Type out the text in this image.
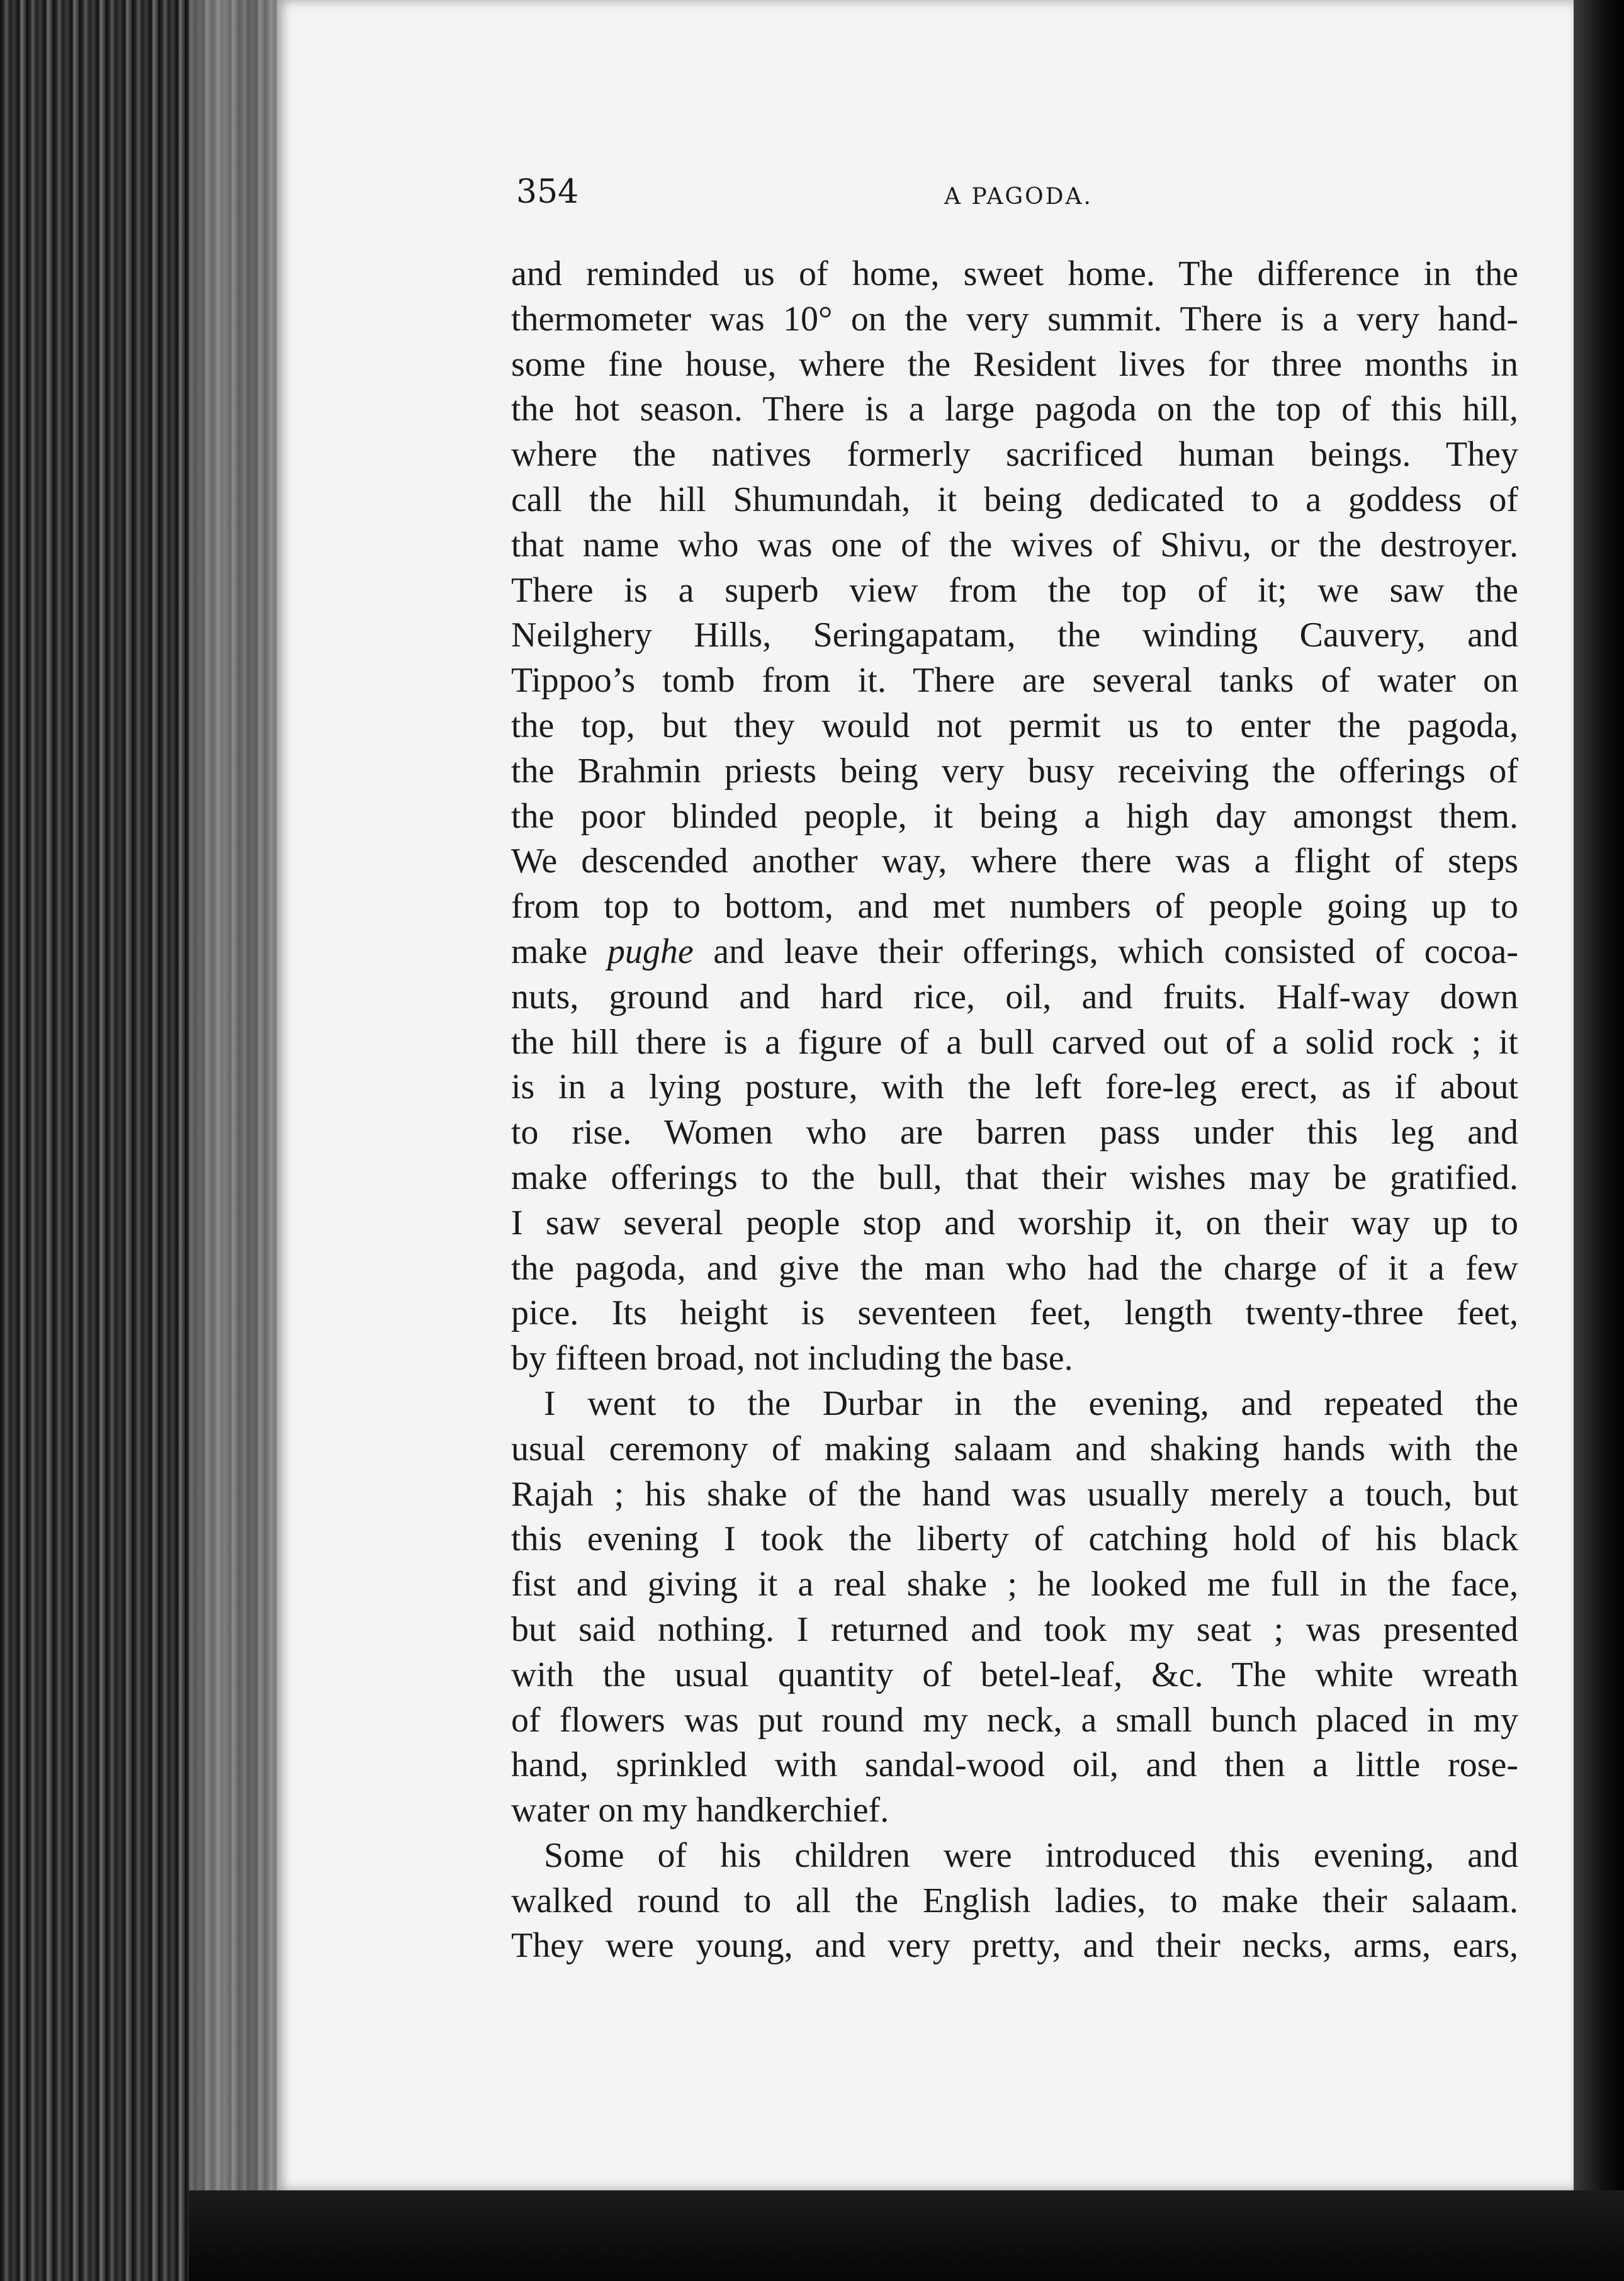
354	A PAGODA.
and reminded us of home, sweet home. The difference in the
thermometer was 10° on the very summit. There is a very hand-
some fine house, where the Resident lives for three months in
the hot season. There is a large pagoda on the top of this hill,
where the natives formerly sacrificed human beings. They
call the hill Shumundah, it being dedicated to a goddess of
that name who was one of the wives of Shivu, or the destroyer.
There is a superb view from the top of it; we saw the
Neilghery Hills, Seringapatam, the winding Cauvery, and
Tippoo’s tomb from it. There are several tanks of water on
the top, but they would not permit us to enter the pagoda,
the Brahmin priests being very busy receiving the offerings of
the poor blinded people, it being a high day amongst them.
We descended another way, where there was a flight of steps
from top to bottom, and met numbers of people going up to
make pughe and leave their offerings, which consisted of cocoa-
nuts, ground and hard rice, oil, and fruits. Half-way down
the hill there is a figure of a bull carved out of a solid rock ; it
is in a lying posture, with the left fore-leg erect, as if about
to rise. Women who are barren pass under this leg and
make offerings to the bull, that their wishes may be gratified.
I saw several people stop and worship it, on their way up to
the pagoda, and give the man who had the charge of it a few
pice. Its height is seventeen feet, length twenty-three feet,
by fifteen broad, not including the base.
I went to the Durbar in the evening, and repeated the
usual ceremony of making salaam and shaking hands with the
Rajah ; his shake of the hand was usually merely a touch, but
this evening I took the liberty of catching hold of his black
fist and giving it a real shake ; he looked me full in the face,
but said nothing. I returned and took my seat ; was presented
with the usual quantity of betel-leaf, &c. The white wreath
of flowers was put round my neck, a small bunch placed in my
hand, sprinkled with sandal-wood oil, and then a little rose-
water on my handkerchief.
Some of his children were introduced this evening, and
walked round to all the English ladies, to make their salaam.
They were young, and very pretty, and their necks, arms, ears,
